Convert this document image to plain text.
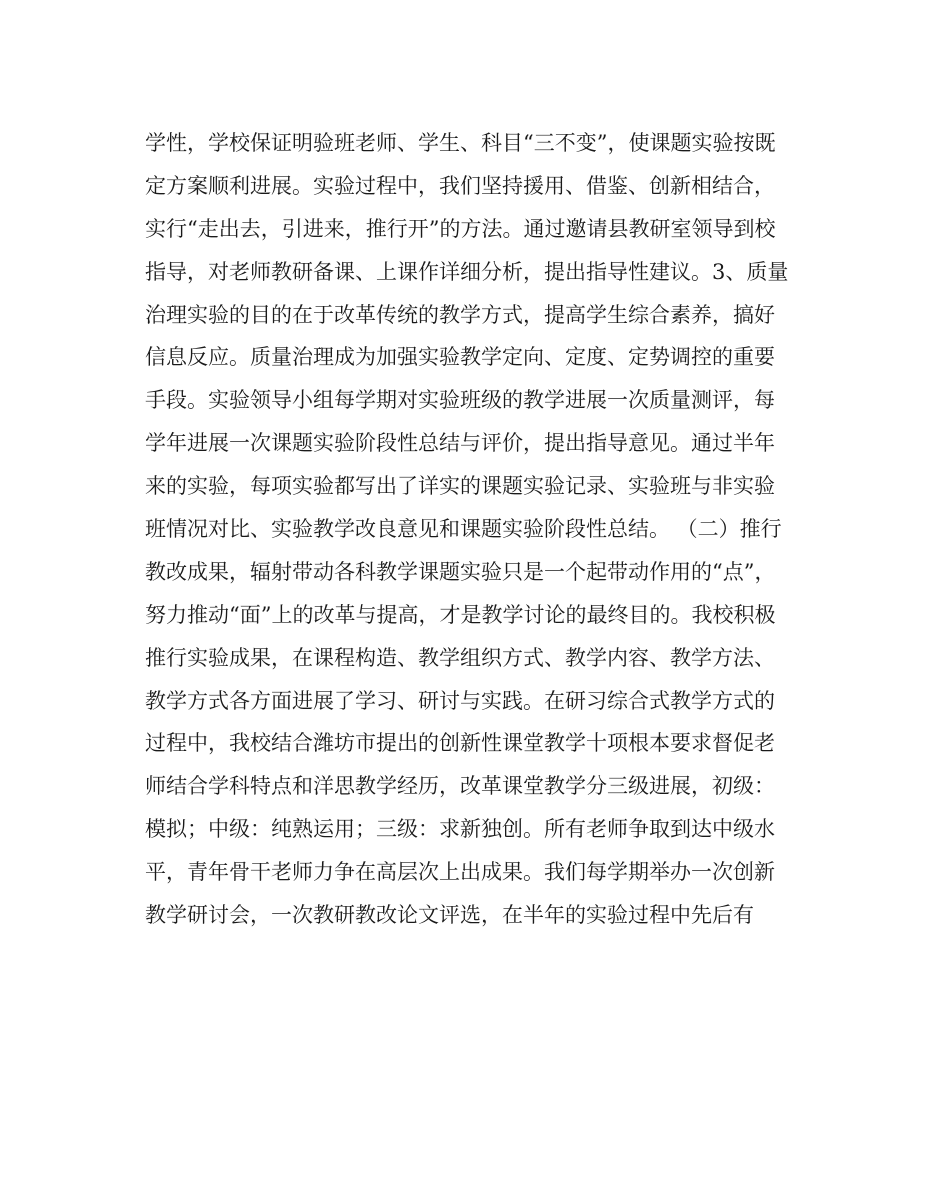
学性，学校保证明验班老师、学生、科目“三不变”，使课题实验按既
定方案顺利进展。实验过程中，我们坚持援用、借鉴、创新相结合，
实行“走出去，引进来，推行开”的方法。通过邀请县教研室领导到校
指导，对老师教研备课、上课作详细分析，提出指导性建议。3、质量
治理实验的目的在于改革传统的教学方式，提高学生综合素养，搞好
信息反应。质量治理成为加强实验教学定向、定度、定势调控的重要
手段。实验领导小组每学期对实验班级的教学进展一次质量测评，每
学年进展一次课题实验阶段性总结与评价，提出指导意见。通过半年
来的实验，每项实验都写出了详实的课题实验记录、实验班与非实验
班情况对比、实验教学改良意见和课题实验阶段性总结。 （二）推行
教改成果，辐射带动各科教学课题实验只是一个起带动作用的“点”，
努力推动“面”上的改革与提高，才是教学讨论的最终目的。我校积极
推行实验成果，在课程构造、教学组织方式、教学内容、教学方法、
教学方式各方面进展了学习、研讨与实践。在研习综合式教学方式的
过程中，我校结合潍坊市提出的创新性课堂教学十项根本要求督促老
师结合学科特点和洋思教学经历，改革课堂教学分三级进展，初级：
模拟；中级：纯熟运用；三级：求新独创。所有老师争取到达中级水
平，青年骨干老师力争在高层次上出成果。我们每学期举办一次创新
教学研讨会，一次教研教改论文评选，在半年的实验过程中先后有
